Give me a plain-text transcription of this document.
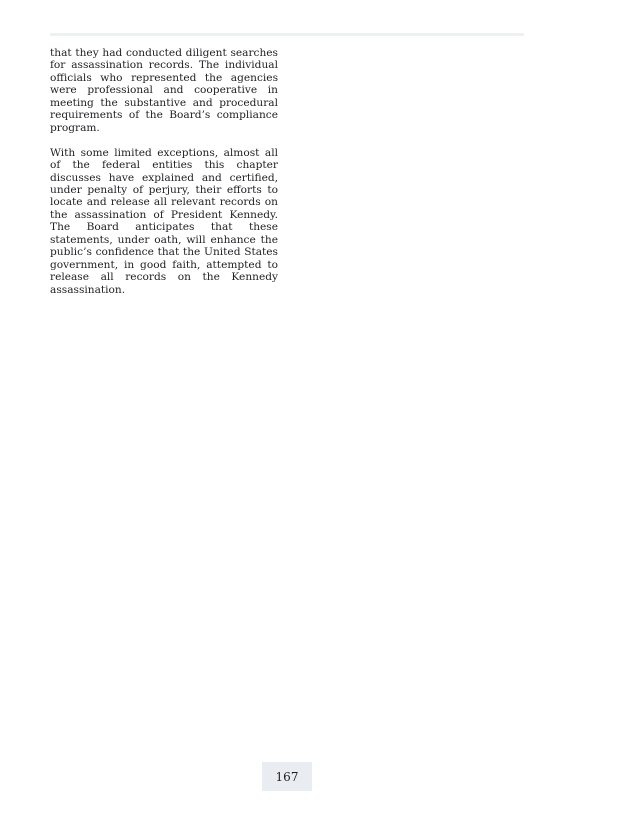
that they had conducted diligent searches for assassination records. The individual officials who represented the agencies were professional and cooperative in meeting the substantive and procedural requirements of the Board’s compliance program.

With some limited exceptions, almost all of the federal entities this chapter discusses have explained and certified, under penalty of perjury, their efforts to locate and release all relevant records on the assassination of President Kennedy. The Board anticipates that these statements, under oath, will enhance the public’s confidence that the United States government, in good faith, attempted to release all records on the Kennedy assassination.

167
